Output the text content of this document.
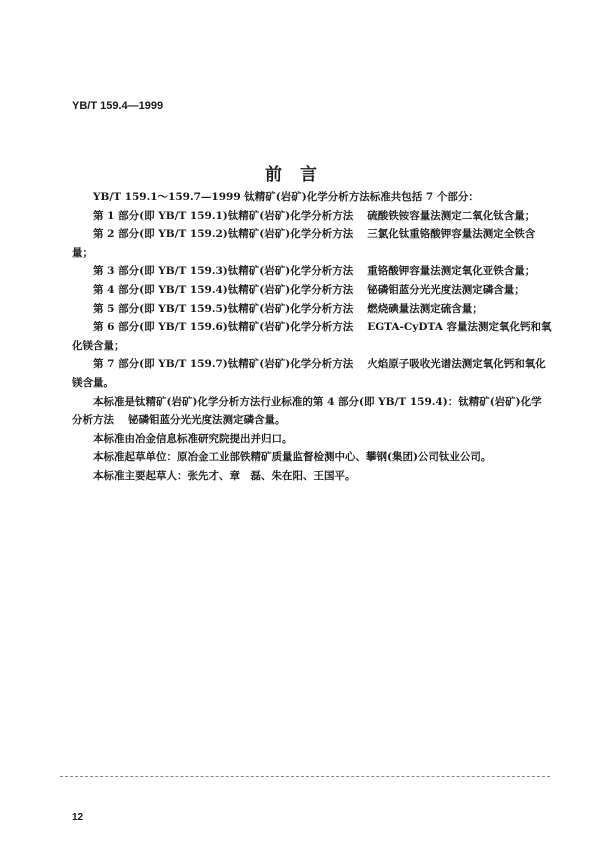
YB/T 159.4—1999
前言
YB/T 159.1～159.7—1999 钛精矿(岩矿)化学分析方法标准共包括 7 个部分：
第 1 部分(即 YB/T 159.1)钛精矿(岩矿)化学分析方法 硫酸铁铵容量法测定二氧化钛含量；
第 2 部分(即 YB/T 159.2)钛精矿(岩矿)化学分析方法 三氯化钛重铬酸钾容量法测定全铁含
量；
第 3 部分(即 YB/T 159.3)钛精矿(岩矿)化学分析方法 重铬酸钾容量法测定氧化亚铁含量；
第 4 部分(即 YB/T 159.4)钛精矿(岩矿)化学分析方法 铋磷钼蓝分光光度法测定磷含量；
第 5 部分(即 YB/T 159.5)钛精矿(岩矿)化学分析方法 燃烧碘量法测定硫含量；
第 6 部分(即 YB/T 159.6)钛精矿(岩矿)化学分析方法 EGTA-CyDTA 容量法测定氧化钙和氧
化镁含量；
第 7 部分(即 YB/T 159.7)钛精矿(岩矿)化学分析方法 火焰原子吸收光谱法测定氧化钙和氧化
镁含量。
本标准是钛精矿(岩矿)化学分析方法行业标准的第 4 部分(即 YB/T 159.4)：钛精矿(岩矿)化学
分析方法 铋磷钼蓝分光光度法测定磷含量。
本标准由冶金信息标准研究院提出并归口。
本标准起草单位：原冶金工业部铁精矿质量监督检测中心、攀钢(集团)公司钛业公司。
本标准主要起草人：张先才、章　磊、朱在阳、王国平。
12
